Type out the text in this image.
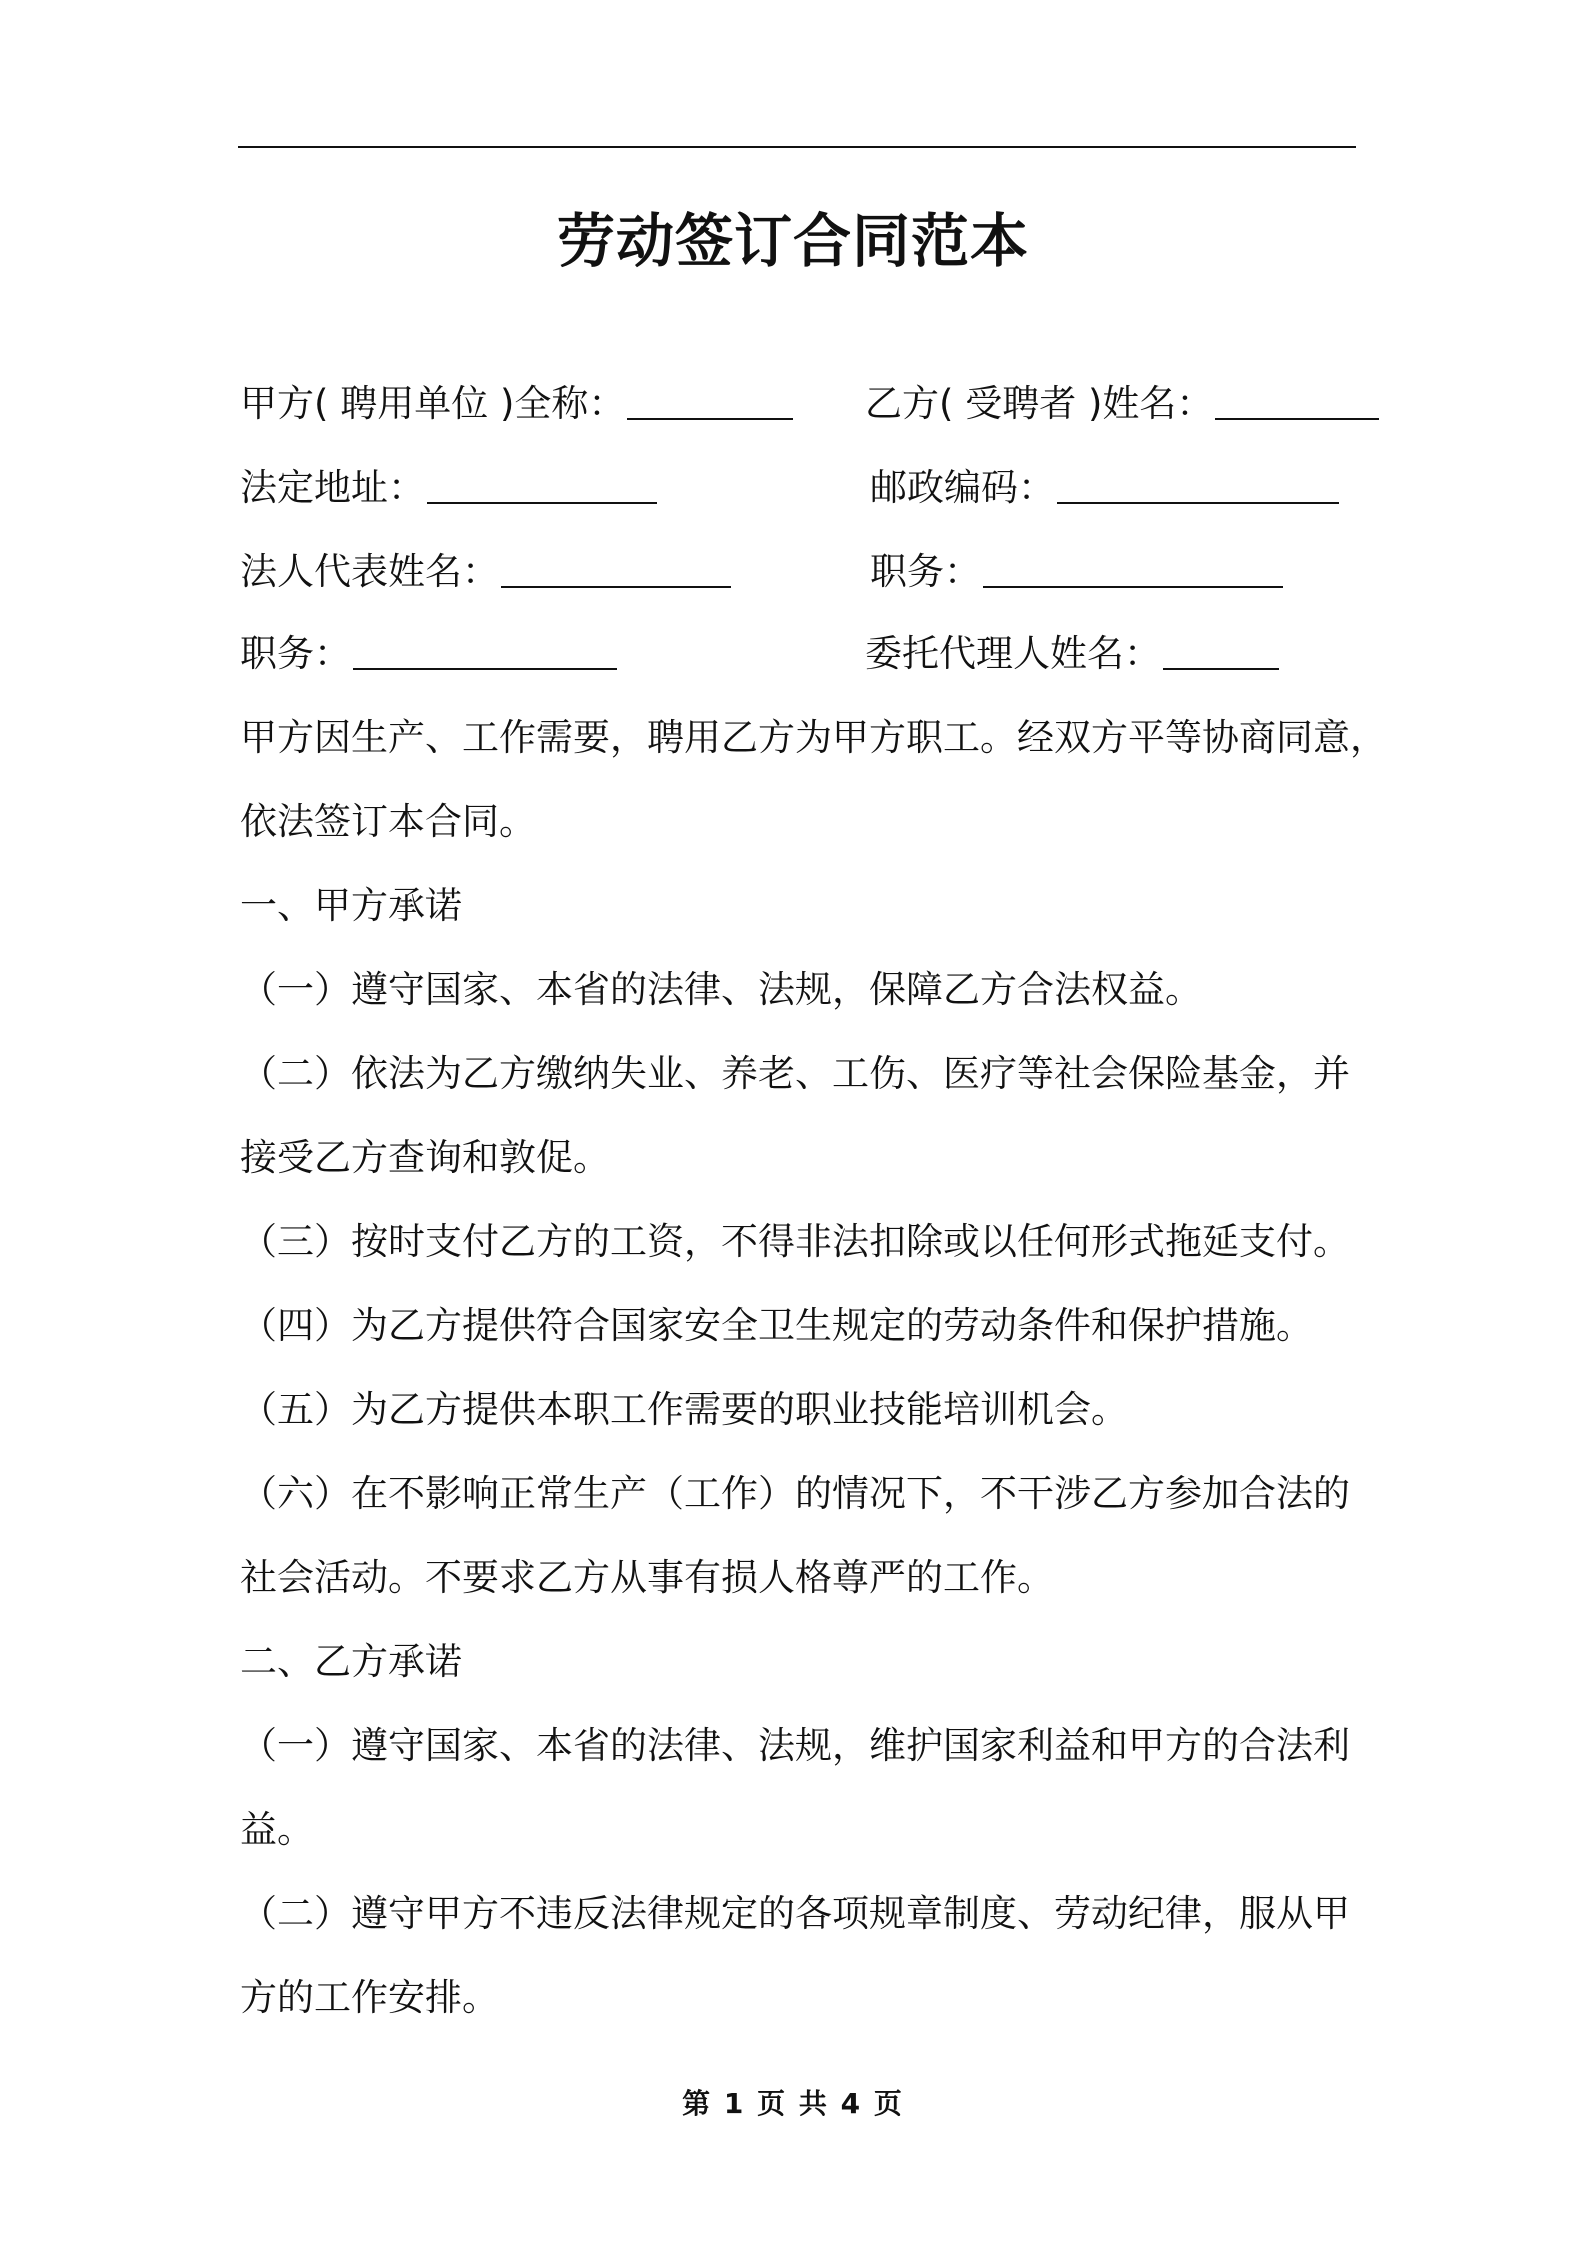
劳动签订合同范本
甲方( 聘用单位 )全称：	乙方( 受聘者 )姓名：
法定地址：	邮政编码：
法人代表姓名：	职务：
职务：	委托代理人姓名：
甲方因生产、工作需要，聘用乙方为甲方职工。经双方平等协商同意，
依法签订本合同。
一、甲方承诺
（一）遵守国家、本省的法律、法规，保障乙方合法权益。
（二）依法为乙方缴纳失业、养老、工伤、医疗等社会保险基金，并
接受乙方查询和敦促。
（三）按时支付乙方的工资，不得非法扣除或以任何形式拖延支付。
（四）为乙方提供符合国家安全卫生规定的劳动条件和保护措施。
（五）为乙方提供本职工作需要的职业技能培训机会。
（六）在不影响正常生产（工作）的情况下，不干涉乙方参加合法的
社会活动。不要求乙方从事有损人格尊严的工作。
二、乙方承诺
（一）遵守国家、本省的法律、法规，维护国家利益和甲方的合法利
益。
（二）遵守甲方不违反法律规定的各项规章制度、劳动纪律，服从甲
方的工作安排。
第 1 页 共 4 页
